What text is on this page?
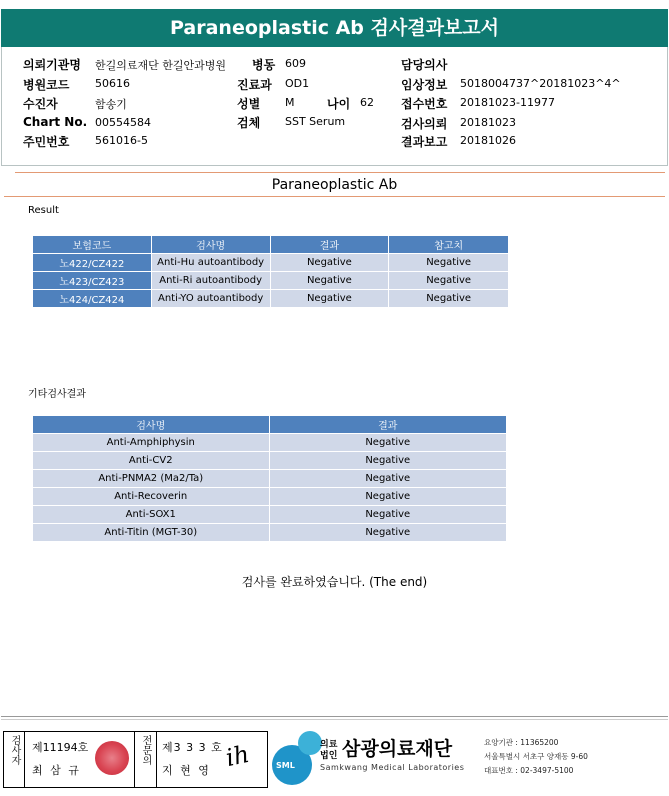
Paraneoplastic Ab 검사결과보고서
의뢰기관명 한길의료재단 한길안과병원 병동 609	담당의사
병원코드 50616	진료과 OD1	임상정보 5018004737^20181023^4^
수진자	함송기	성별 M	나이 62 접수번호 20181023-11977
Chart No. 00554584	검체 SST Serum	검사의뢰 20181023
주민번호 561016-5	결과보고 20181026
Paraneoplastic Ab
Result
보험코드	검사명	결과	참고치
노422/CZ422	Anti-Hu autoantibody	Negative	Negative
노423/CZ423	Anti-Ri autoantibody	Negative	Negative
노424/CZ424	Anti-YO autoantibody	Negative	Negative
기타검사결과
검사명	결과
Anti-Amphiphysin	Negative
Anti-CV2	Negative
Anti-PNMA2 (Ma2/Ta)	Negative
Anti-Recoverin	Negative
Anti-SOX1	Negative
Anti-Titin (MGT-30)	Negative
검사를 완료하였습니다. (The end)
검사자 제11194호
최 삼 규
전문의 제3 3 3 호
지 현 영 ih	SML
의료
법인 삼광의료재단
Samkwang Medical Laboratories
요양기관 : 11365200
서울특별시 서초구 양재동 9-60
대표번호 : 02-3497-5100
